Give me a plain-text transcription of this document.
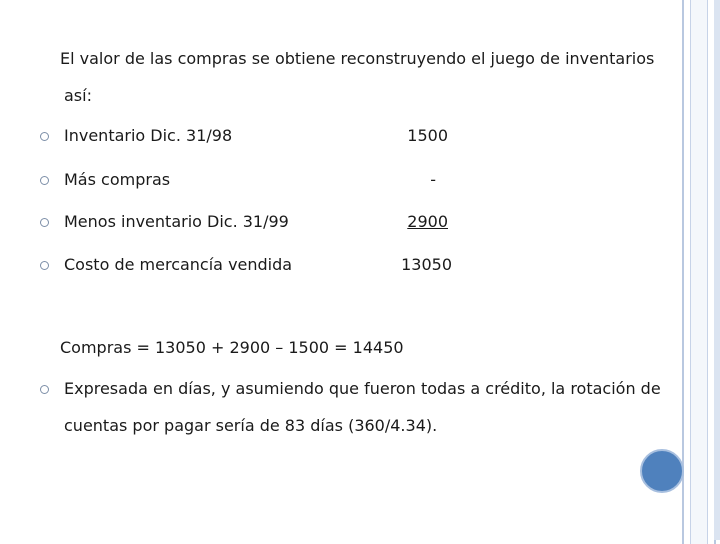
El valor de las compras se obtiene reconstruyendo el juego de inventarios
así:
Inventario Dic. 31/98	1500
Más compras	-
Menos inventario Dic. 31/99	2900
Costo de mercancía vendida	13050
Compras = 13050 + 2900 – 1500 = 14450
Expresada en días, y asumiendo que fueron todas a crédito, la rotación de
cuentas por pagar sería de 83 días (360/4.34).
